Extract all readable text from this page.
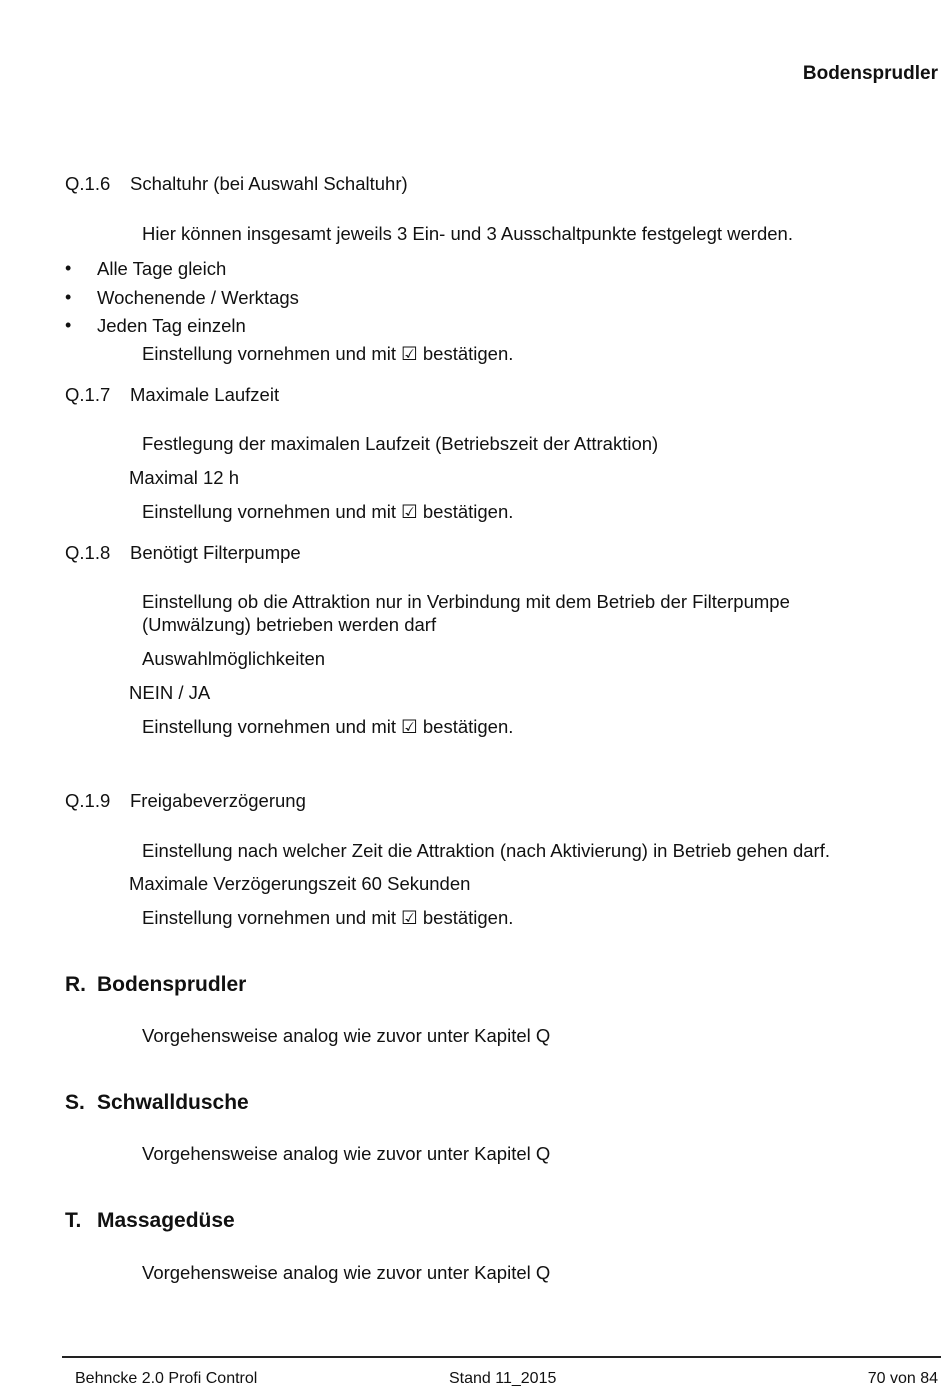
Bodensprudler
Q.1.6 Schaltuhr (bei Auswahl Schaltuhr)
Hier können insgesamt jeweils 3 Ein- und 3 Ausschaltpunkte festgelegt werden.
• Alle Tage gleich
• Wochenende / Werktags
• Jeden Tag einzeln
Einstellung vornehmen und mit ☑ bestätigen.
Q.1.7 Maximale Laufzeit
Festlegung der maximalen Laufzeit (Betriebszeit der Attraktion)
Maximal 12 h
Einstellung vornehmen und mit ☑ bestätigen.
Q.1.8 Benötigt Filterpumpe
Einstellung ob die Attraktion nur in Verbindung mit dem Betrieb der Filterpumpe
(Umwälzung) betrieben werden darf
Auswahlmöglichkeiten
NEIN / JA
Einstellung vornehmen und mit ☑ bestätigen.
Q.1.9 Freigabeverzögerung
Einstellung nach welcher Zeit die Attraktion (nach Aktivierung) in Betrieb gehen darf.
Maximale Verzögerungszeit 60 Sekunden
Einstellung vornehmen und mit ☑ bestätigen.
R. Bodensprudler
Vorgehensweise analog wie zuvor unter Kapitel Q
S. Schwalldusche
Vorgehensweise analog wie zuvor unter Kapitel Q
T. Massagedüse
Vorgehensweise analog wie zuvor unter Kapitel Q
Behncke 2.0 Profi Control	Stand 11_2015	70 von 84
